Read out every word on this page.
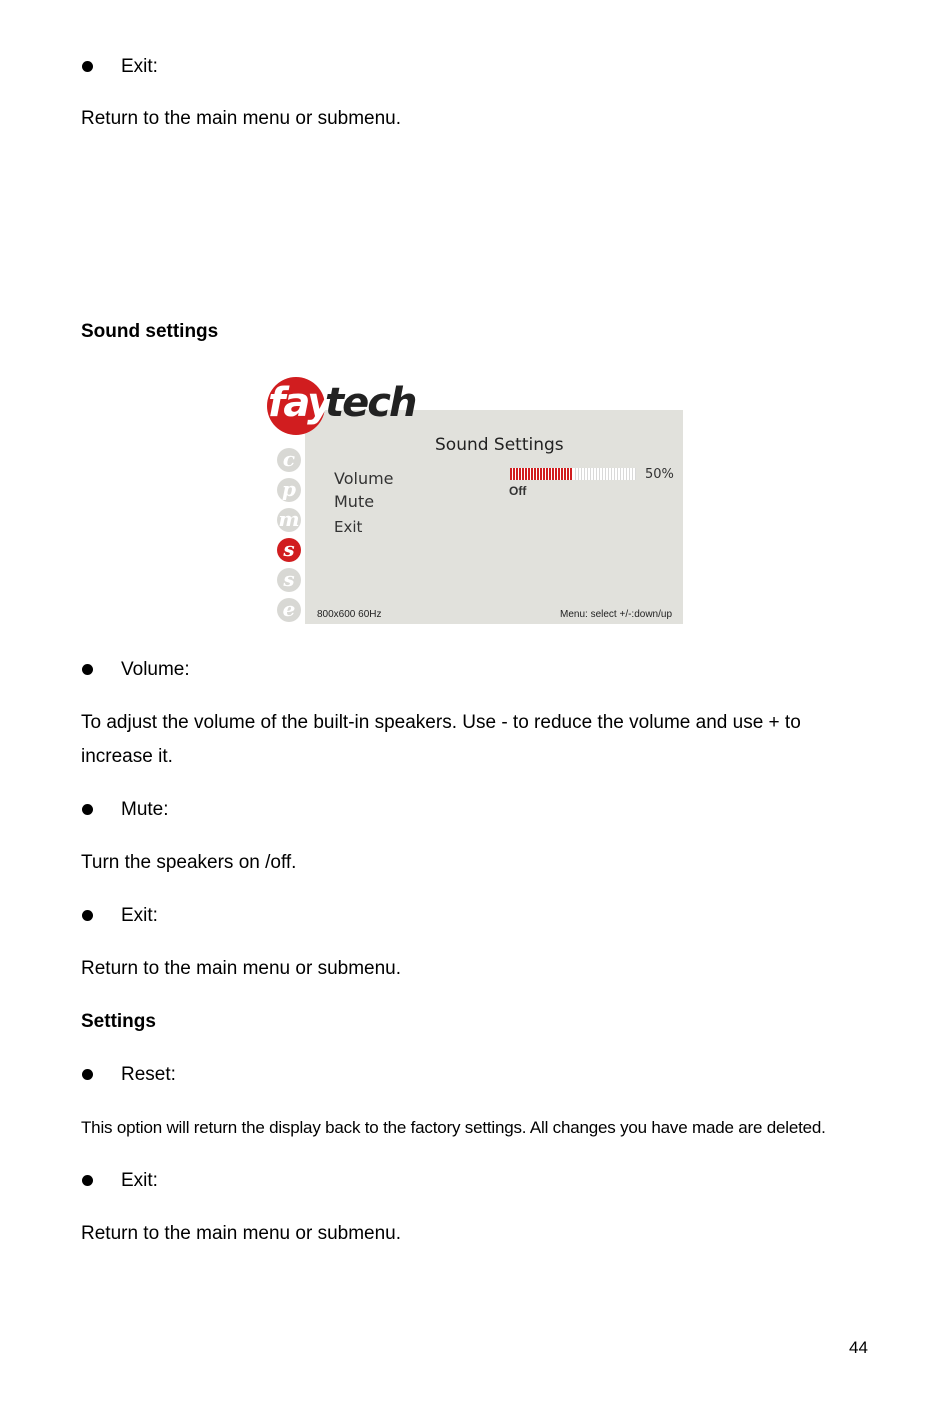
Exit:
Return to the main menu or submenu.
Sound settings
fay
tech
c
p
m
s
s
e
Sound Settings
Volume
Mute
Exit
50%
Off
800x600 60Hz	Menu: select +/-:down/up
Volume:
To adjust the volume of the built-in speakers. Use - to reduce the volume and use + to
increase it.
Mute:
Turn the speakers on /off.
Exit:
Return to the main menu or submenu.
Settings
Reset:
This option will return the display back to the factory settings. All changes you have made are deleted.
Exit:
Return to the main menu or submenu.
44
